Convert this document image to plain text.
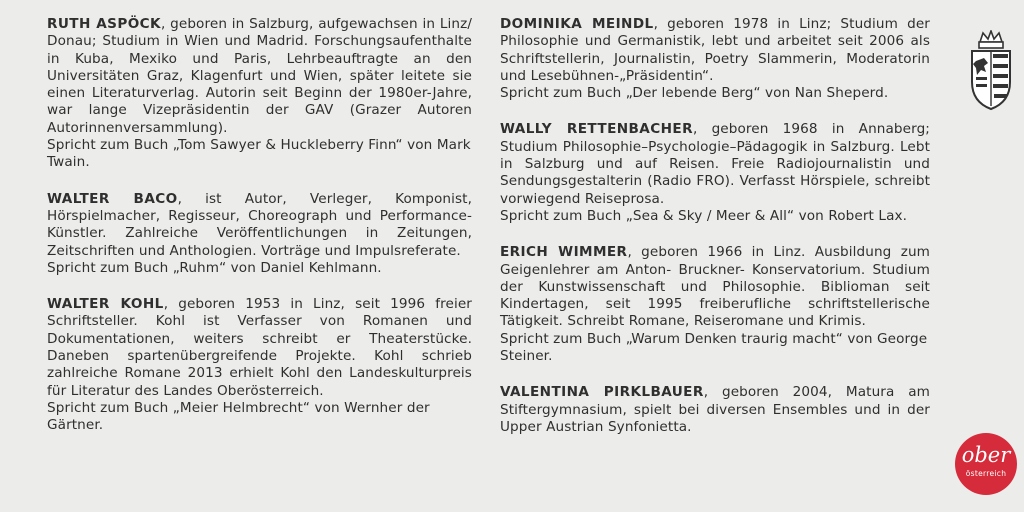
RUTH ASPÖCK, geboren in Salzburg, aufgewachsen in Linz/ Donau; Studium in Wien und Madrid. Forschungsaufenthalte in Kuba, Mexiko und Paris, Lehrbeauftragte an den Universitäten Graz, Klagenfurt und Wien, später leitete sie einen Literaturverlag. Autorin seit Beginn der 1980er-Jahre, war lange Vizepräsidentin der GAV (Grazer Autoren Autorinnenversammlung).
Spricht zum Buch „Tom Sawyer & Huckleberry Finn“ von Mark Twain.

WALTER BACO, ist Autor, Verleger, Komponist, Hörspielmacher, Regisseur, Choreograph und Performance-Künstler. Zahlreiche Veröffentlichungen in Zeitungen, Zeitschriften und Anthologien. Vorträge und Impulsreferate.
Spricht zum Buch „Ruhm“ von Daniel Kehlmann.

WALTER KOHL, geboren 1953 in Linz, seit 1996 freier Schriftsteller. Kohl ist Verfasser von Romanen und Dokumentationen, weiters schreibt er Theaterstücke. Daneben spartenübergreifende Projekte. Kohl schrieb zahlreiche Romane 2013 erhielt Kohl den Landeskulturpreis für Literatur des Landes Oberösterreich.
Spricht zum Buch „Meier Helmbrecht“ von Wernher der Gärtner.

DOMINIKA MEINDL, geboren 1978 in Linz; Studium der Philosophie und Germanistik, lebt und arbeitet seit 2006 als Schriftstellerin, Journalistin, Poetry Slammerin, Moderatorin und Lesebühnen-„Präsidentin“.
Spricht zum Buch „Der lebende Berg“ von Nan Sheperd.

WALLY RETTENBACHER, geboren 1968 in Annaberg; Studium Philosophie–Psychologie–Pädagogik in Salzburg. Lebt in Salzburg und auf Reisen. Freie Radiojournalistin und Sendungsgestalterin (Radio FRO). Verfasst Hörspiele, schreibt vorwiegend Reiseprosa.
Spricht zum Buch „Sea & Sky / Meer & All“ von Robert Lax.

ERICH WIMMER, geboren 1966 in Linz. Ausbildung zum Geigenlehrer am Anton- Bruckner- Konservatorium. Studium der Kunstwissenschaft und Philosophie. Biblioman seit Kindertagen, seit 1995 freiberufliche schriftstellerische Tätigkeit. Schreibt Romane, Reiseromane und Krimis.
Spricht zum Buch „Warum Denken traurig macht“ von George Steiner.

VALENTINA PIRKLBAUER, geboren 2004, Matura am Stiftergymnasium, spielt bei diversen Ensembles und in der Upper Austrian Synfonietta.

ober
österreich
